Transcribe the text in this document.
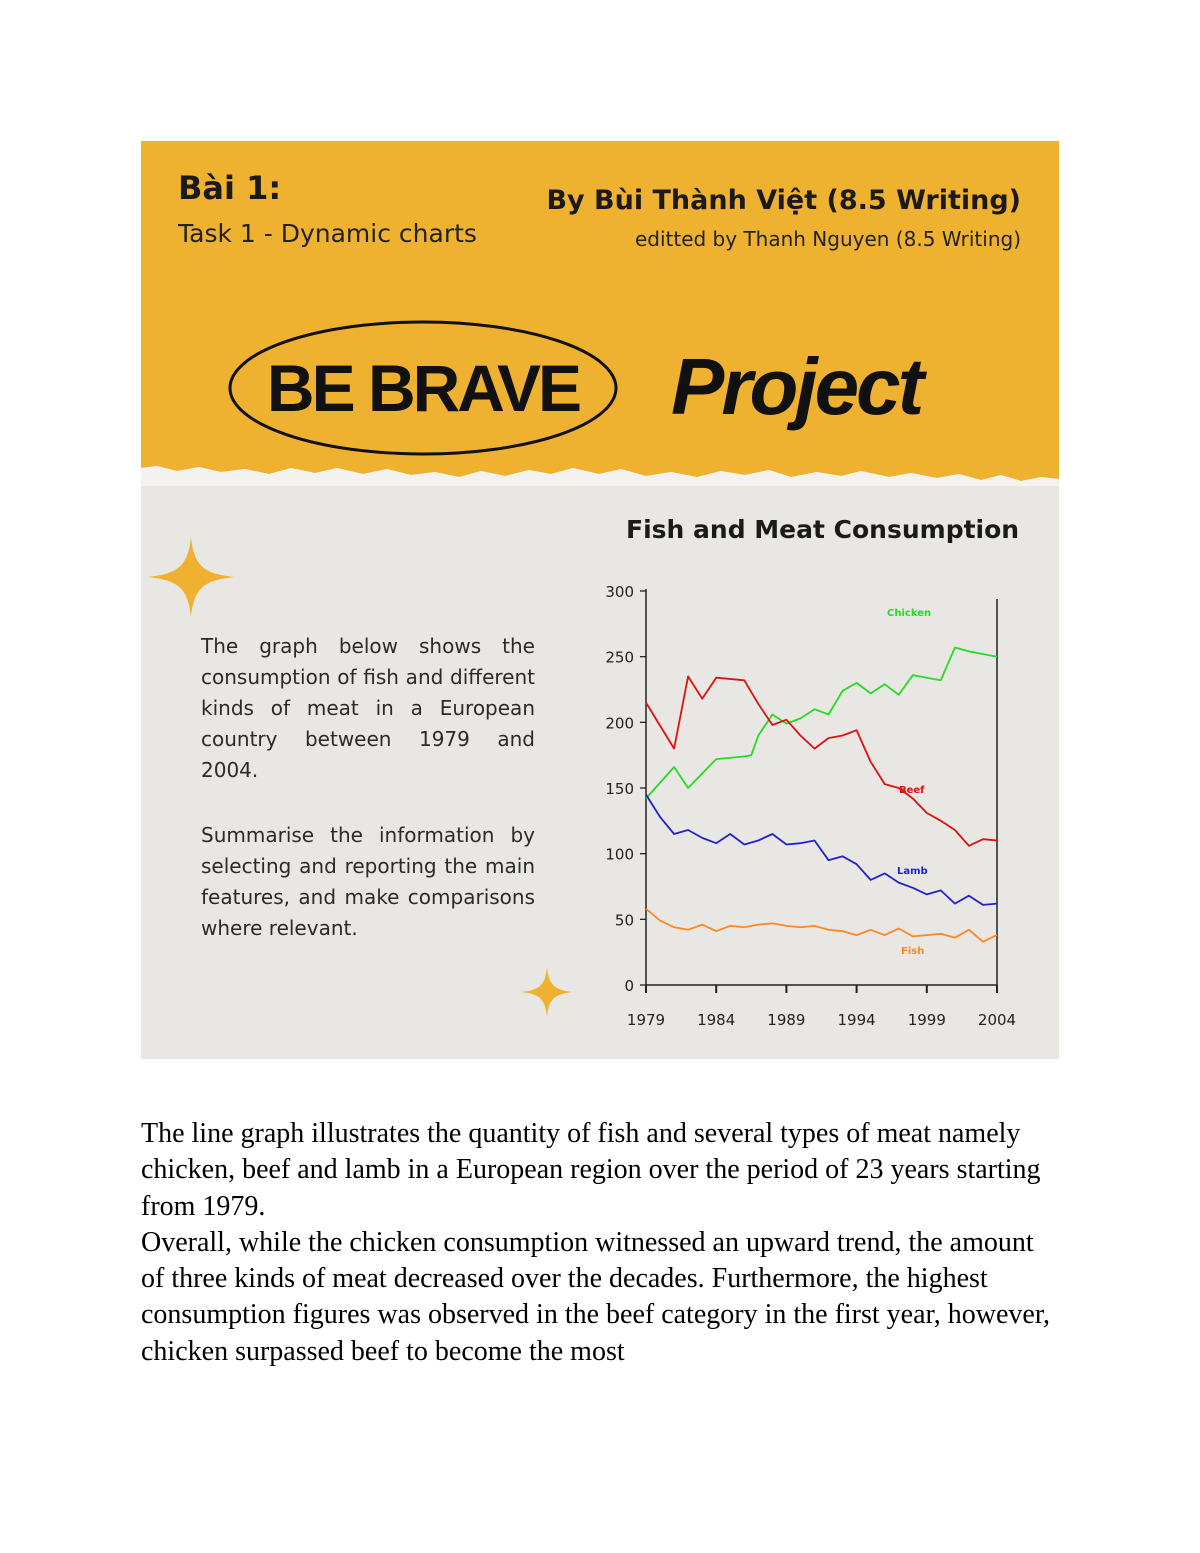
Bài 1:
Task 1 - Dynamic charts
By Bùi Thành Việt (8.5 Writing)
editted by Thanh Nguyen (8.5 Writing)
BE BRAVE	Project
The graph below shows the consumption of fish and different kinds of meat in a European country between 1979 and 2004.
Summarise the information by selecting and reporting the main features, and make comparisons where relevant.
Fish and Meat Consumption
0
50
100
150
200
250
300
1979 1984 1989 1994 1999 2004
Chicken
Beef
Lamb
Fish

The line graph illustrates the quantity of fish and several types of meat namely chicken, beef and lamb in a European region over the period of 23 years starting from 1979.

Overall, while the chicken consumption witnessed an upward trend, the amount of three kinds of meat decreased over the decades. Furthermore, the highest consumption figures was observed in the beef category in the first year, however, chicken surpassed beef to become the most
